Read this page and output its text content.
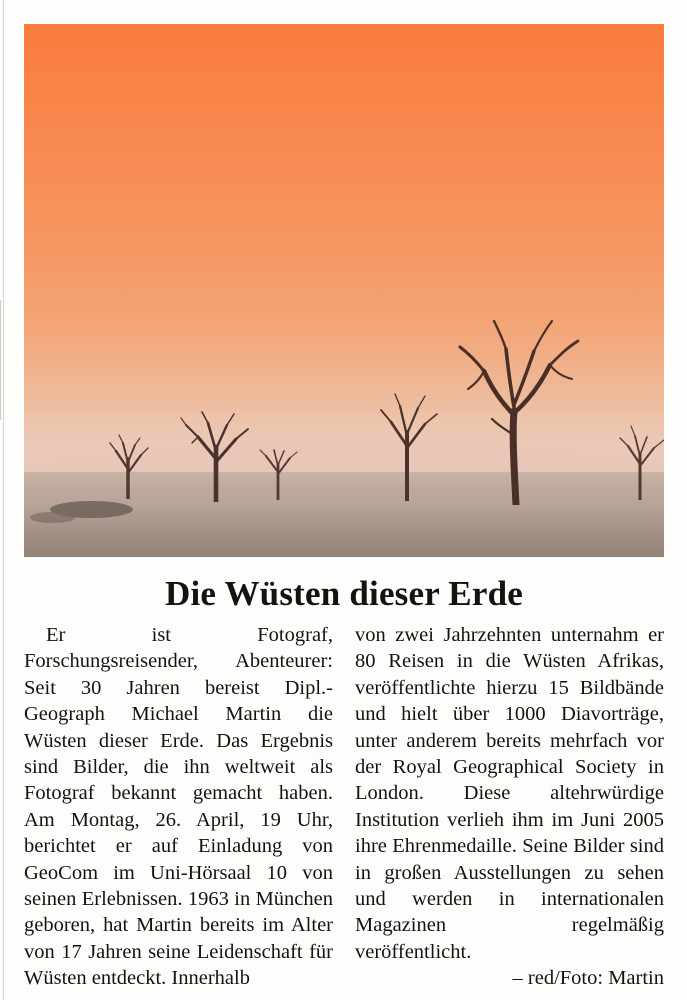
Die Wüsten dieser Erde

Er ist Fotograf, Forschungsreisender, Abenteurer: Seit 30 Jahren bereist Dipl.-Geograph Michael Martin die Wüsten dieser Erde. Das Ergebnis sind Bilder, die ihn weltweit als Fotograf bekannt gemacht haben. Am Montag, 26. April, 19 Uhr, berichtet er auf Einladung von GeoCom im Uni-Hörsaal 10 von seinen Erlebnissen. 1963 in München geboren, hat Martin bereits im Alter von 17 Jahren seine Leidenschaft für Wüsten entdeckt. Innerhalb

von zwei Jahrzehnten unternahm er 80 Reisen in die Wüsten Afrikas, veröffentlichte hierzu 15 Bildbände und hielt über 1000 Diavorträge, unter anderem bereits mehrfach vor der Royal Geographical Society in London. Diese altehrwürdige Institution verlieh ihm im Juni 2005 ihre Ehrenmedaille. Seine Bilder sind in großen Ausstellungen zu sehen und werden in internationalen Magazinen regelmäßig veröffentlicht.

– red/Foto: Martin
